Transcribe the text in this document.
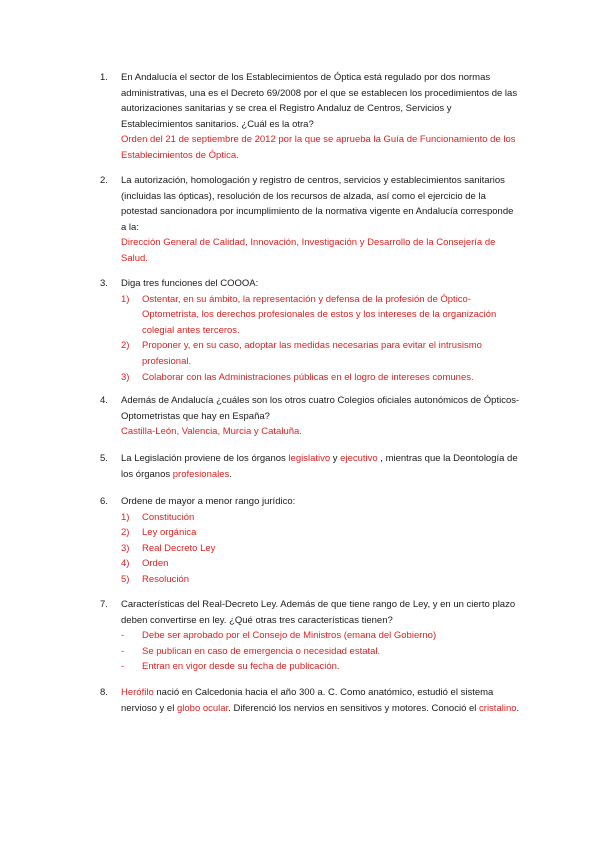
1.	En Andalucía el sector de los Establecimientos de Óptica está regulado por dos normas administrativas, una es el Decreto 69/2008 por el que se establecen los procedimientos de las autorizaciones sanitarias y se crea el Registro Andaluz de Centros, Servicios y Establecimientos sanitarios. ¿Cuál es la otra?

Orden del 21 de septiembre de 2012 por la que se aprueba la Guía de Funcionamiento de los Establecimientos de Óptica.

2.	La autorización, homologación y registro de centros, servicios y establecimientos sanitarios (incluidas las ópticas), resolución de los recursos de alzada, así como el ejercicio de la potestad sancionadora por incumplimiento de la normativa vigente en Andalucía corresponde a la:

Dirección General de Calidad, Innovación, Investigación y Desarrollo de la Consejería de Salud.

3.	Diga tres funciones del COOOA:

1) Ostentar, en su ámbito, la representación y defensa de la profesión de Óptico-Optometrista, los derechos profesionales de estos y los intereses de la organización colegial antes terceros.
2) Proponer y, en su caso, adoptar las medidas necesarias para evitar el intrusismo profesional.
3) Colaborar con las Administraciones públicas en el logro de intereses comunes.
4.	Además de Andalucía ¿cuáles son los otros cuatro Colegios oficiales autonómicos de Ópticos-Optometristas que hay en España?

Castilla-León, Valencia, Murcia y Cataluña.

5.	La Legislación proviene de los órganos legislativo y ejecutivo , mientras que la Deontología de los órganos profesionales.

6.	Ordene de mayor a menor rango jurídico:

1) Constitución
2) Ley orgánica
3) Real Decreto Ley
4) Orden
5) Resolución
7.	Características del Real-Decreto Ley. Además de que tiene rango de Ley, y en un cierto plazo deben convertirse en ley. ¿Qué otras tres características tienen?

- Debe ser aprobado por el Consejo de Ministros (emana del Gobierno)
- Se publican en caso de emergencia o necesidad estatal.
- Entran en vigor desde su fecha de publicación.
8.	Herófilo nació en Calcedonia hacia el año 300 a. C. Como anatómico, estudió el sistema nervioso y el globo ocular. Diferenció los nervios en sensitivos y motores. Conoció el cristalino.
